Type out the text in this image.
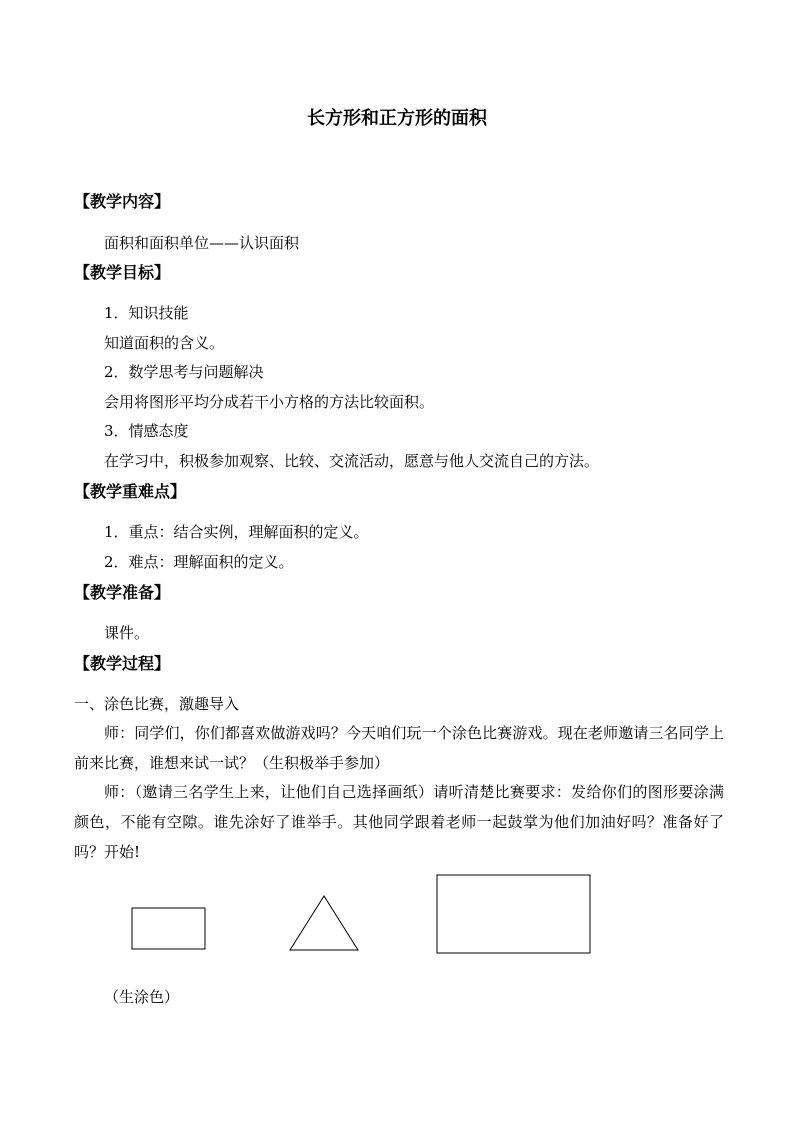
长方形和正方形的面积
【教学内容】
面积和面积单位——认识面积
【教学目标】
1．知识技能
知道面积的含义。
2．数学思考与问题解决
会用将图形平均分成若干小方格的方法比较面积。
3．情感态度
在学习中，积极参加观察、比较、交流活动，愿意与他人交流自己的方法。
【教学重难点】
1．重点：结合实例，理解面积的定义。
2．难点：理解面积的定义。
【教学准备】
课件。
【教学过程】
一、涂色比赛，激趣导入
师：同学们，你们都喜欢做游戏吗？今天咱们玩一个涂色比赛游戏。现在老师邀请三名同学上前来比赛，谁想来试一试？（生积极举手参加）
师：（邀请三名学生上来，让他们自己选择画纸）请听清楚比赛要求：发给你们的图形要涂满颜色，不能有空隙。谁先涂好了谁举手。其他同学跟着老师一起鼓掌为他们加油好吗？准备好了吗？开始!
（生涂色）
